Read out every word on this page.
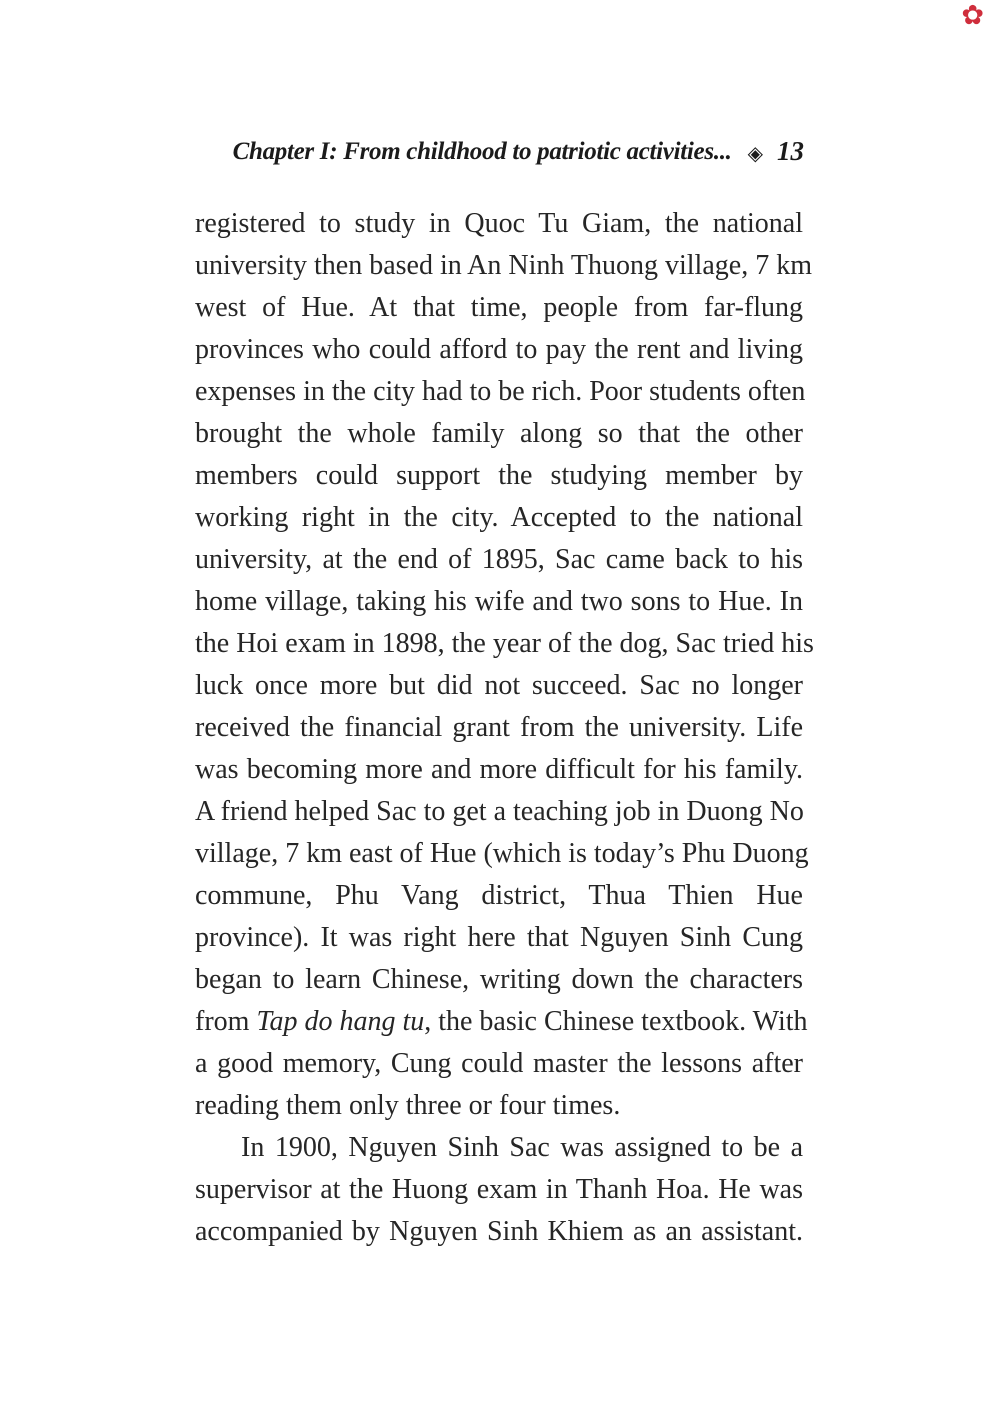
✿
Chapter I: From childhood to patriotic activities... ◈ 13
registered to study in Quoc Tu Giam, the national
university then based in An Ninh Thuong village, 7 km
west of Hue. At that time, people from far-flung
provinces who could afford to pay the rent and living
expenses in the city had to be rich. Poor students often
brought the whole family along so that the other
members could support the studying member by
working right in the city. Accepted to the national
university, at the end of 1895, Sac came back to his
home village, taking his wife and two sons to Hue. In
the Hoi exam in 1898, the year of the dog, Sac tried his
luck once more but did not succeed. Sac no longer
received the financial grant from the university. Life
was becoming more and more difficult for his family.
A friend helped Sac to get a teaching job in Duong No
village, 7 km east of Hue (which is today’s Phu Duong
commune, Phu Vang district, Thua Thien Hue
province). It was right here that Nguyen Sinh Cung
began to learn Chinese, writing down the characters
from Tap do hang tu, the basic Chinese textbook. With
a good memory, Cung could master the lessons after
reading them only three or four times.
In 1900, Nguyen Sinh Sac was assigned to be a
supervisor at the Huong exam in Thanh Hoa. He was
accompanied by Nguyen Sinh Khiem as an assistant.
